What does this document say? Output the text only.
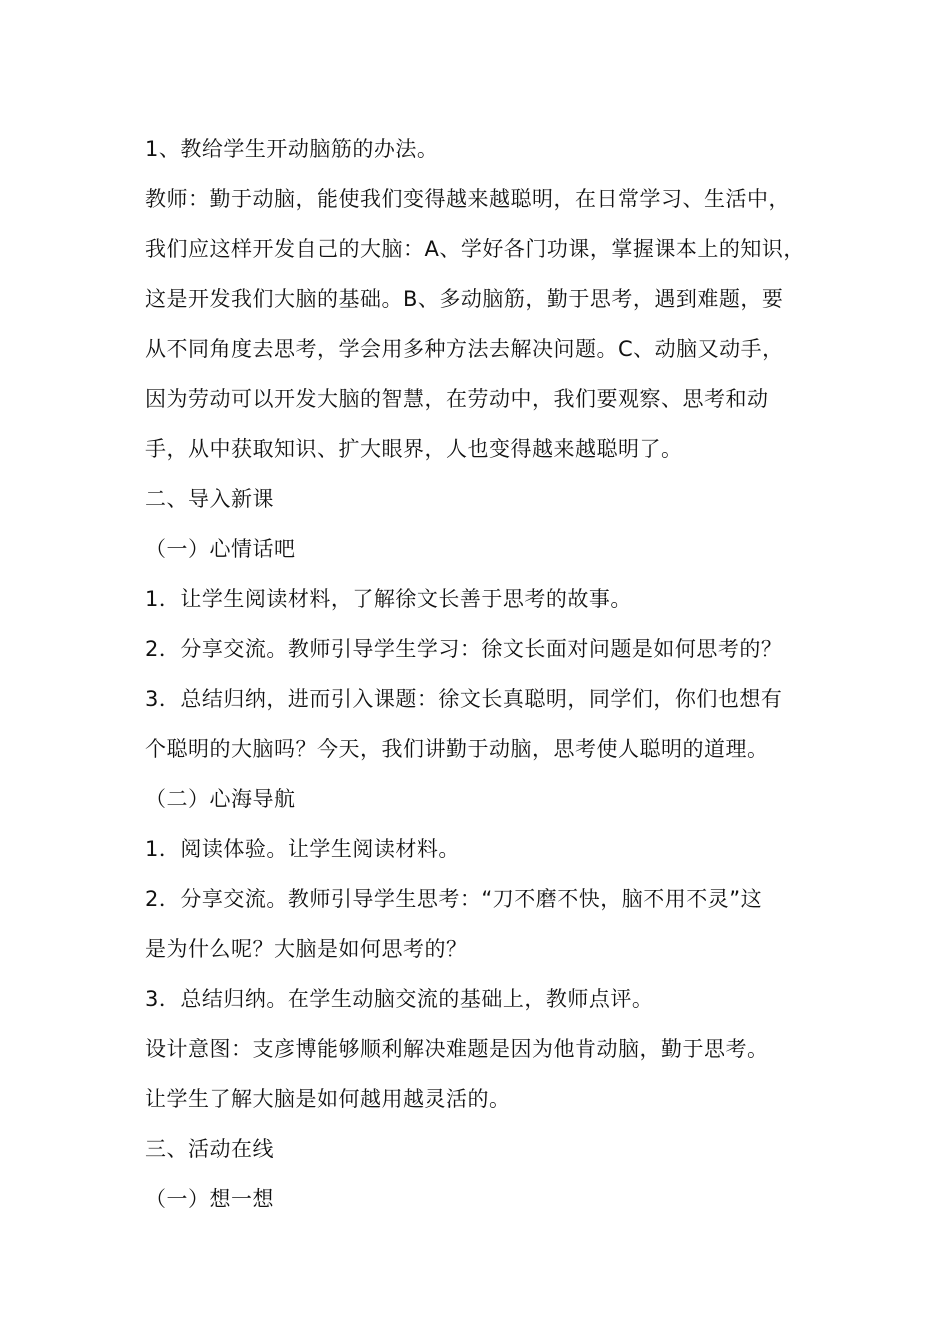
1、教给学生开动脑筋的办法。
教师：勤于动脑，能使我们变得越来越聪明，在日常学习、生活中，
我们应这样开发自己的大脑：A、学好各门功课，掌握课本上的知识，
这是开发我们大脑的基础。B、多动脑筋，勤于思考，遇到难题，要
从不同角度去思考，学会用多种方法去解决问题。C、动脑又动手，
因为劳动可以开发大脑的智慧，在劳动中，我们要观察、思考和动
手，从中获取知识、扩大眼界，人也变得越来越聪明了。
二、导入新课
（一）心情话吧
1．让学生阅读材料，了解徐文长善于思考的故事。
2．分享交流。教师引导学生学习：徐文长面对问题是如何思考的？
3．总结归纳，进而引入课题：徐文长真聪明，同学们，你们也想有
个聪明的大脑吗？今天，我们讲勤于动脑，思考使人聪明的道理。
（二）心海导航
1．阅读体验。让学生阅读材料。
2．分享交流。教师引导学生思考：“刀不磨不快，脑不用不灵”这
是为什么呢？大脑是如何思考的？
3．总结归纳。在学生动脑交流的基础上，教师点评。
设计意图：支彦博能够顺利解决难题是因为他肯动脑，勤于思考。
让学生了解大脑是如何越用越灵活的。
三、活动在线
（一）想一想
